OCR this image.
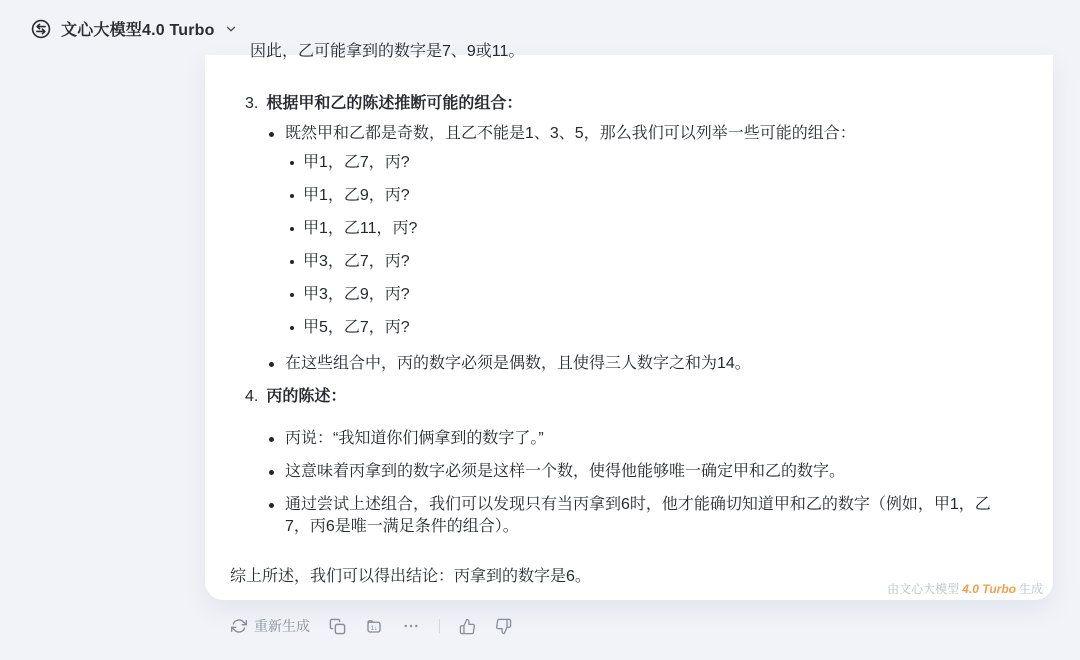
文心大模型4.0 Turbo
因此，乙可能拿到的数字是7、9或11。
3. 根据甲和乙的陈述推断可能的组合：
既然甲和乙都是奇数，且乙不能是1、3、5，那么我们可以列举一些可能的组合：
甲1，乙7，丙?
甲1，乙9，丙?
甲1，乙11，丙?
甲3，乙7，丙?
甲3，乙9，丙?
甲5，乙7，丙?
在这些组合中，丙的数字必须是偶数，且使得三人数字之和为14。
4. 丙的陈述：
丙说：“我知道你们俩拿到的数字了。”
这意味着丙拿到的数字必须是这样一个数，使得他能够唯一确定甲和乙的数字。
通过尝试上述组合，我们可以发现只有当丙拿到6时，他才能确切知道甲和乙的数字（例如，甲1，乙7，丙6是唯一满足条件的组合）。

综上所述，我们可以得出结论：丙拿到的数字是6。

由文心大模型 4.0 Turbo 生成
重新生成	1↓
